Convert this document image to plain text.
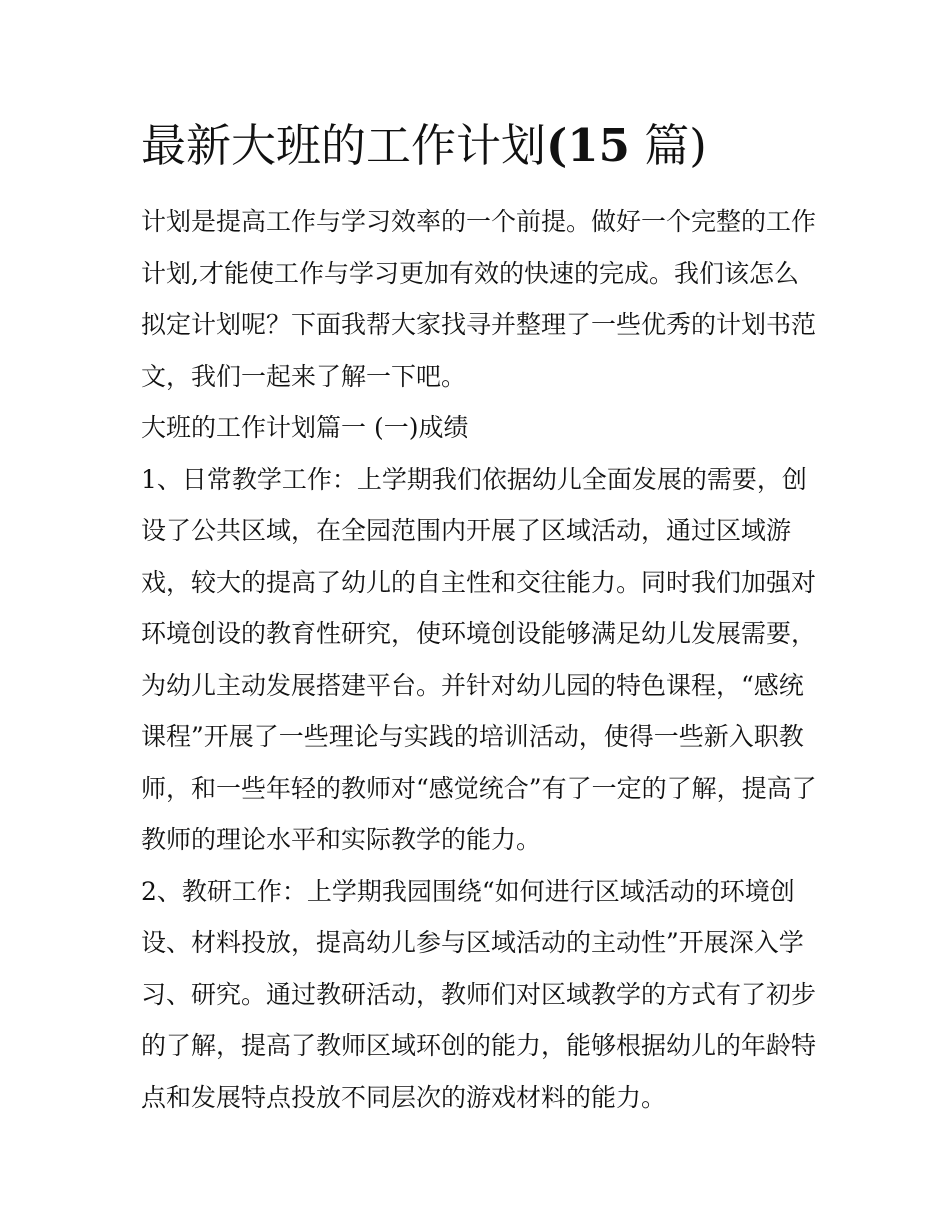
最新大班的工作计划(15 篇)

计划是提高工作与学习效率的一个前提。做好一个完整的工作

计划,才能使工作与学习更加有效的快速的完成。我们该怎么

拟定计划呢？下面我帮大家找寻并整理了一些优秀的计划书范

文，我们一起来了解一下吧。

大班的工作计划篇一 (一)成绩

1、日常教学工作：上学期我们依据幼儿全面发展的需要，创

设了公共区域，在全园范围内开展了区域活动，通过区域游

戏，较大的提高了幼儿的自主性和交往能力。同时我们加强对

环境创设的教育性研究，使环境创设能够满足幼儿发展需要，

为幼儿主动发展搭建平台。并针对幼儿园的特色课程，“感统

课程”开展了一些理论与实践的培训活动，使得一些新入职教

师，和一些年轻的教师对“感觉统合”有了一定的了解，提高了

教师的理论水平和实际教学的能力。

2、教研工作：上学期我园围绕“如何进行区域活动的环境创

设、材料投放，提高幼儿参与区域活动的主动性”开展深入学

习、研究。通过教研活动，教师们对区域教学的方式有了初步

的了解，提高了教师区域环创的能力，能够根据幼儿的年龄特

点和发展特点投放不同层次的游戏材料的能力。
